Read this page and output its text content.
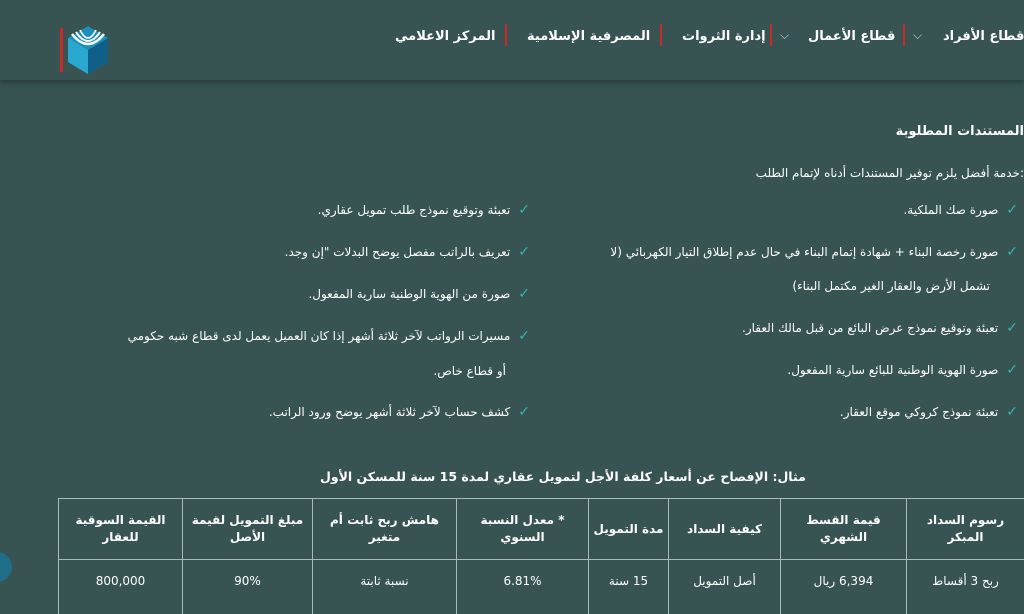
قطاع الأفراد
⌵
قطاع الأعمال
⌵
إدارة الثروات
المصرفية الإسلامية
المركز الاعلامي
المستندات المطلوبة
خدمة أفضل يلزم توفير المستندات أدناه لإتمام الطلب:
✓صورة صك الملكية.
✓صورة رخصة البناء + شهادة إتمام البناء في حال عدم إطلاق التيار الكهربائي (لا
تشمل الأرض والعقار الغير مكتمل البناء)
✓تعبئة وتوقيع نموذج عرض البائع من قبل مالك العقار.
✓صورة الهوية الوطنية للبائع سارية المفعول.
✓تعبئة نموذج كروكي موقع العقار.
✓تعبئة وتوقيع نموذج طلب تمويل عقاري.
✓تعريف بالراتب مفصل يوضح البدلات "إن وجد.
✓صورة من الهوية الوطنية سارية المفعول.
✓مسيرات الرواتب لآخر ثلاثة أشهر إذا كان العميل يعمل لدى قطاع شبه حكومي
أو قطاع خاص.
✓كشف حساب لآخر ثلاثة أشهر يوضح ورود الراتب.
مثال: الإفصاح عن أسعار كلفة الأجل لتمويل عقاري لمدة 15 سنة للمسكن الأول
رسوم السداد المبكر	قيمة القسط الشهري	كيفية السداد	مدة التمويل	* معدل النسبة السنوي	هامش ربح ثابت أم متغير	مبلغ التمويل لقيمة الأصل	القيمة السوقية للعقار
ربح 3 أقساط	6,394 ريال	أصل التمويل	15 سنة	6.81%	نسبة ثابتة	90%	800,000
